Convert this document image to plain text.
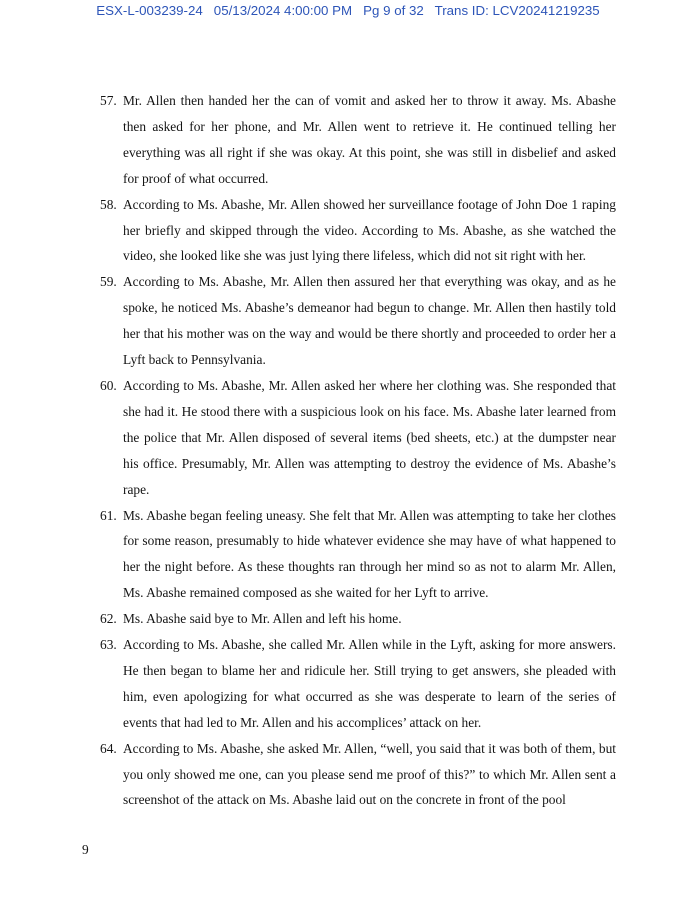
ESX-L-003239-24   05/13/2024 4:00:00 PM   Pg 9 of 32   Trans ID: LCV20241219235
57. Mr. Allen then handed her the can of vomit and asked her to throw it away. Ms. Abashe then asked for her phone, and Mr. Allen went to retrieve it. He continued telling her everything was all right if she was okay. At this point, she was still in disbelief and asked for proof of what occurred.
58. According to Ms. Abashe, Mr. Allen showed her surveillance footage of John Doe 1 raping her briefly and skipped through the video. According to Ms. Abashe, as she watched the video, she looked like she was just lying there lifeless, which did not sit right with her.
59. According to Ms. Abashe, Mr. Allen then assured her that everything was okay, and as he spoke, he noticed Ms. Abashe’s demeanor had begun to change. Mr. Allen then hastily told her that his mother was on the way and would be there shortly and proceeded to order her a Lyft back to Pennsylvania.
60. According to Ms. Abashe, Mr. Allen asked her where her clothing was. She responded that she had it. He stood there with a suspicious look on his face. Ms. Abashe later learned from the police that Mr. Allen disposed of several items (bed sheets, etc.) at the dumpster near his office. Presumably, Mr. Allen was attempting to destroy the evidence of Ms. Abashe’s rape.
61. Ms. Abashe began feeling uneasy. She felt that Mr. Allen was attempting to take her clothes for some reason, presumably to hide whatever evidence she may have of what happened to her the night before. As these thoughts ran through her mind so as not to alarm Mr. Allen, Ms. Abashe remained composed as she waited for her Lyft to arrive.
62. Ms. Abashe said bye to Mr. Allen and left his home.
63. According to Ms. Abashe, she called Mr. Allen while in the Lyft, asking for more answers. He then began to blame her and ridicule her. Still trying to get answers, she pleaded with him, even apologizing for what occurred as she was desperate to learn of the series of events that had led to Mr. Allen and his accomplices’ attack on her.
64. According to Ms. Abashe, she asked Mr. Allen, “well, you said that it was both of them, but you only showed me one, can you please send me proof of this?” to which Mr. Allen sent a screenshot of the attack on Ms. Abashe laid out on the concrete in front of the pool
9
